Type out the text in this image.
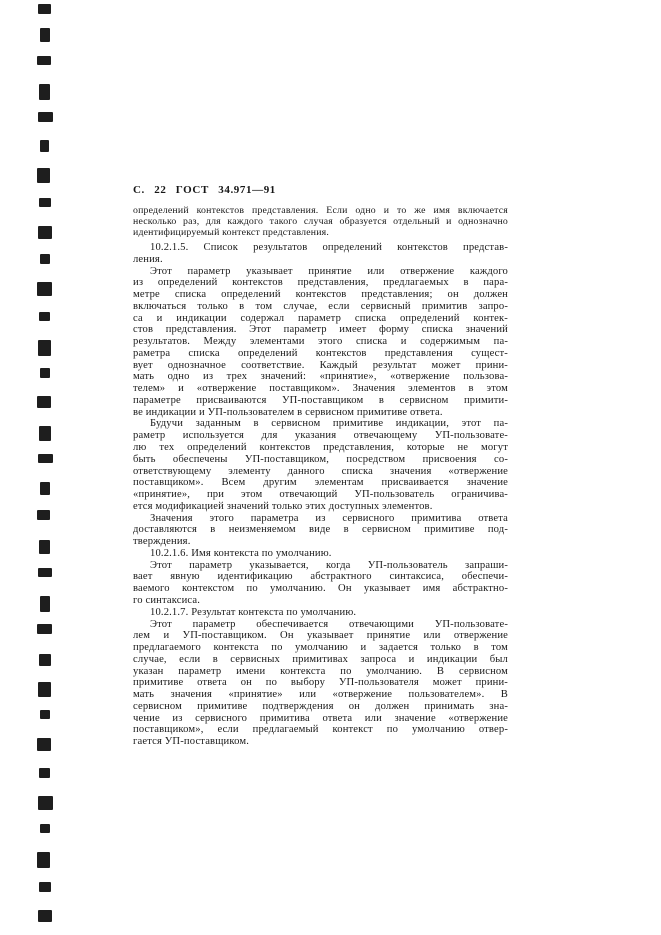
С. 22 ГОСТ 34.971—91
определений контекстов представления. Если одно и то же имя включается
несколько раз, для каждого такого случая образуется отдельный и однозначно
идентифицируемый контекст представления.
10.2.1.5. Список результатов определений контекстов представ-
ления.
Этот параметр указывает принятие или отвержение каждого
из определений контекстов представления, предлагаемых в пара-
метре списка определений контекстов представления; он должен
включаться только в том случае, если сервисный примитив запро-
са и индикации содержал параметр списка определений контек-
стов представления. Этот параметр имеет форму списка значений
результатов. Между элементами этого списка и содержимым па-
раметра списка определений контекстов представления сущест-
вует однозначное соответствие. Каждый результат может прини-
мать одно из трех значений: «принятие», «отвержение пользова-
телем» и «отвержение поставщиком». Значения элементов в этом
параметре присваиваются УП-поставщиком в сервисном примити-
ве индикации и УП-пользователем в сервисном примитиве ответа.
Будучи заданным в сервисном примитиве индикации, этот па-
раметр используется для указания отвечающему УП-пользовате-
лю тех определений контекстов представления, которые не могут
быть обеспечены УП-поставщиком, посредством присвоения со-
ответствующему элементу данного списка значения «отвержение
поставщиком». Всем другим элементам присваивается значение
«принятие», при этом отвечающий УП-пользователь ограничива-
ется модификацией значений только этих доступных элементов.
Значения этого параметра из сервисного примитива ответа
доставляются в неизменяемом виде в сервисном примитиве под-
тверждения.
10.2.1.6. Имя контекста по умолчанию.
Этот параметр указывается, когда УП-пользователь запраши-
вает явную идентификацию абстрактного синтаксиса, обеспечи-
ваемого контекстом по умолчанию. Он указывает имя абстрактно-
го синтаксиса.
10.2.1.7. Результат контекста по умолчанию.
Этот параметр обеспечивается отвечающими УП-пользовате-
лем и УП-поставщиком. Он указывает принятие или отвержение
предлагаемого контекста по умолчанию и задается только в том
случае, если в сервисных примитивах запроса и индикации был
указан параметр имени контекста по умолчанию. В сервисном
примитиве ответа он по выбору УП-пользователя может прини-
мать значения «принятие» или «отвержение пользователем». В
сервисном примитиве подтверждения он должен принимать зна-
чение из сервисного примитива ответа или значение «отвержение
поставщиком», если предлагаемый контекст по умолчанию отвер-
гается УП-поставщиком.
